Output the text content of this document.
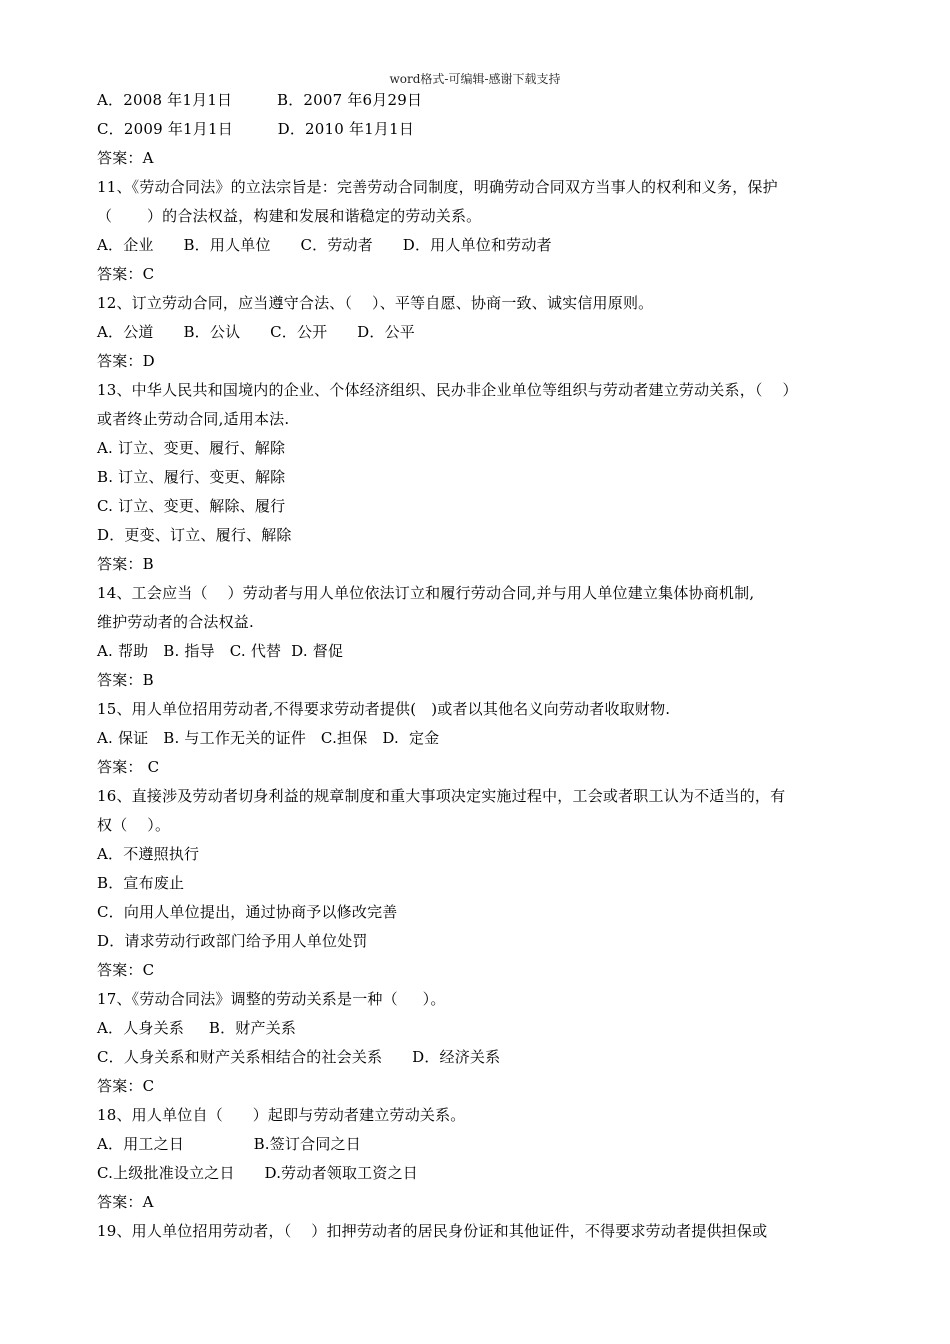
word格式-可编辑-感谢下载支持
A．2008 年1月1日         B．2007 年6月29日
C．2009 年1月1日         D．2010 年1月1日
答案：A
11、《劳动合同法》的立法宗旨是：完善劳动合同制度，明确劳动合同双方当事人的权利和义务，保护
（       ）的合法权益，构建和发展和谐稳定的劳动关系。
A．企业      B．用人单位      C．劳动者      D．用人单位和劳动者
答案：C
12、订立劳动合同，应当遵守合法、（    ）、平等自愿、协商一致、诚实信用原则。
A．公道      B．公认      C．公开      D．公平
答案：D
13、中华人民共和国境内的企业、个体经济组织、民办非企业单位等组织与劳动者建立劳动关系，（    ）
或者终止劳动合同,适用本法.
A. 订立、变更、履行、解除
B. 订立、履行、变更、解除
C. 订立、变更、解除、履行
D．更变、订立、履行、解除
答案：B
14、工会应当（    ）劳动者与用人单位依法订立和履行劳动合同,并与用人单位建立集体协商机制,
维护劳动者的合法权益.
A. 帮助   B. 指导   C. 代替  D. 督促
答案：B
15、用人单位招用劳动者,不得要求劳动者提供(   )或者以其他名义向劳动者收取财物.
A. 保证   B. 与工作无关的证件   C.担保   D.  定金
答案： C
16、直接涉及劳动者切身利益的规章制度和重大事项决定实施过程中，工会或者职工认为不适当的，有
权（    ）。
A．不遵照执行
B．宣布废止
C．向用人单位提出，通过协商予以修改完善
D．请求劳动行政部门给予用人单位处罚
答案：C
17、《劳动合同法》调整的劳动关系是一种（     ）。
A．人身关系     B．财产关系
C．人身关系和财产关系相结合的社会关系      D．经济关系
答案：C
18、用人单位自（      ）起即与劳动者建立劳动关系。
A．用工之日              B.签订合同之日
C.上级批准设立之日      D.劳动者领取工资之日
答案：A
19、用人单位招用劳动者，（    ）扣押劳动者的居民身份证和其他证件，不得要求劳动者提供担保或
